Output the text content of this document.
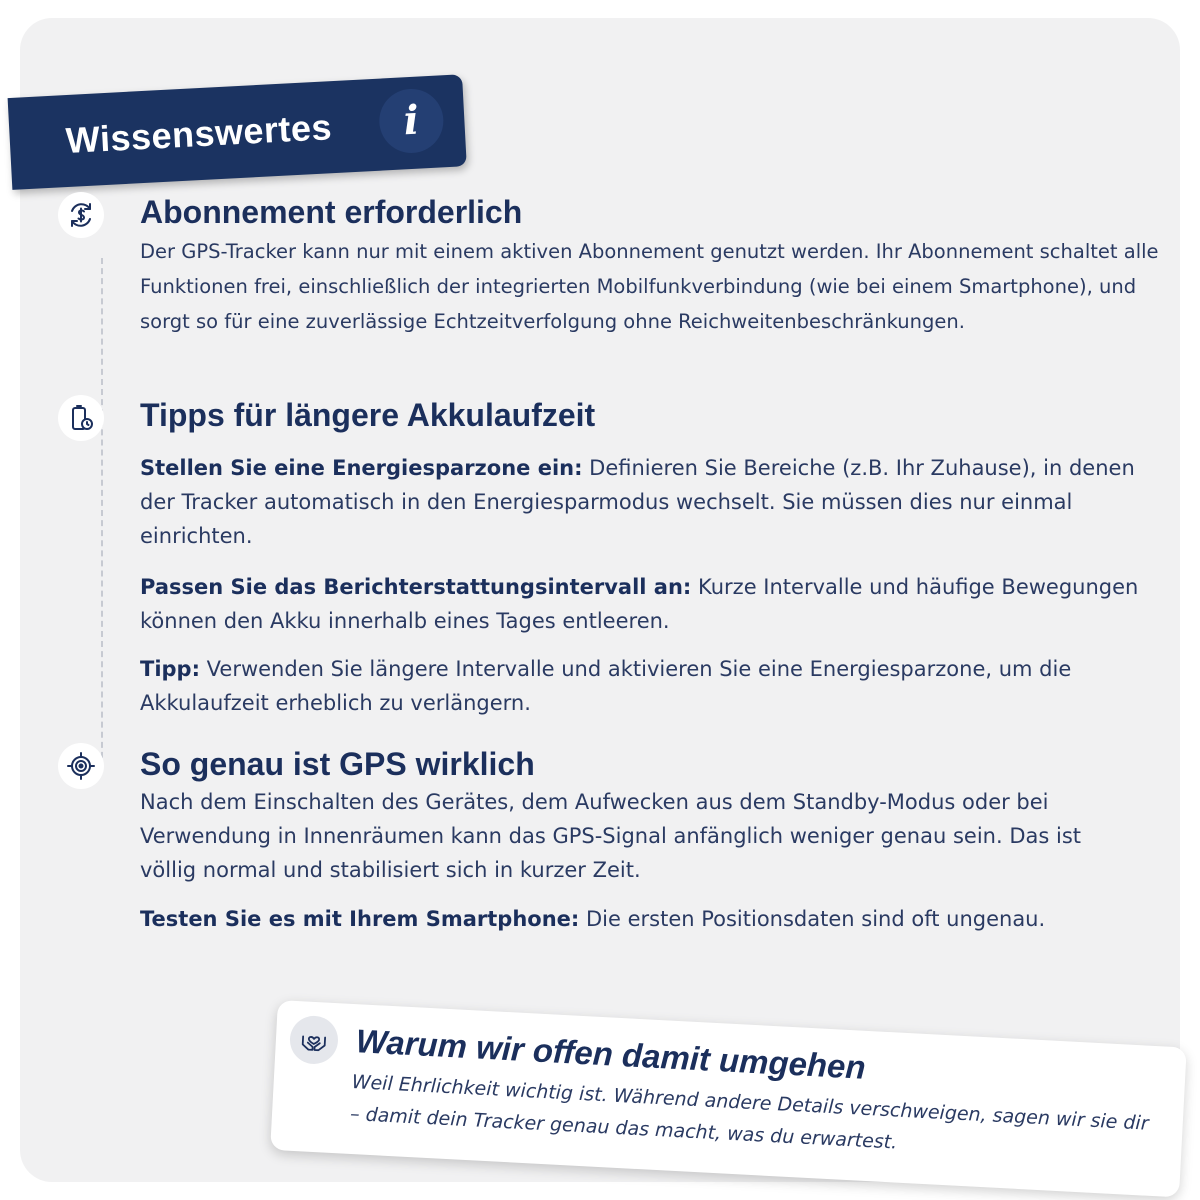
Wissenswertes i
Abonnement erforderlich

Der GPS-Tracker kann nur mit einem aktiven Abonnement genutzt werden. Ihr Abonnement schaltet alle Funktionen frei, einschließlich der integrierten Mobilfunkverbindung (wie bei einem Smartphone), und sorgt so für eine zuverlässige Echtzeitverfolgung ohne Reichweitenbeschränkungen.

Tipps für längere Akkulaufzeit

Stellen Sie eine Energiesparzone ein: Definieren Sie Bereiche (z.B. Ihr Zuhause), in denen der Tracker automatisch in den Energiesparmodus wechselt. Sie müssen dies nur einmal einrichten.

Passen Sie das Berichterstattungsintervall an: Kurze Intervalle und häufige Bewegungen können den Akku innerhalb eines Tages entleeren.

Tipp: Verwenden Sie längere Intervalle und aktivieren Sie eine Energiesparzone, um die Akkulaufzeit erheblich zu verlängern.

So genau ist GPS wirklich

Nach dem Einschalten des Gerätes, dem Aufwecken aus dem Standby-Modus oder bei Verwendung in Innenräumen kann das GPS-Signal anfänglich weniger genau sein. Das ist völlig normal und stabilisiert sich in kurzer Zeit.

Testen Sie es mit Ihrem Smartphone: Die ersten Positionsdaten sind oft ungenau.

Warum wir offen damit umgehen

Weil Ehrlichkeit wichtig ist. Während andere Details verschweigen, sagen wir sie dir – damit dein Tracker genau das macht, was du erwartest.
